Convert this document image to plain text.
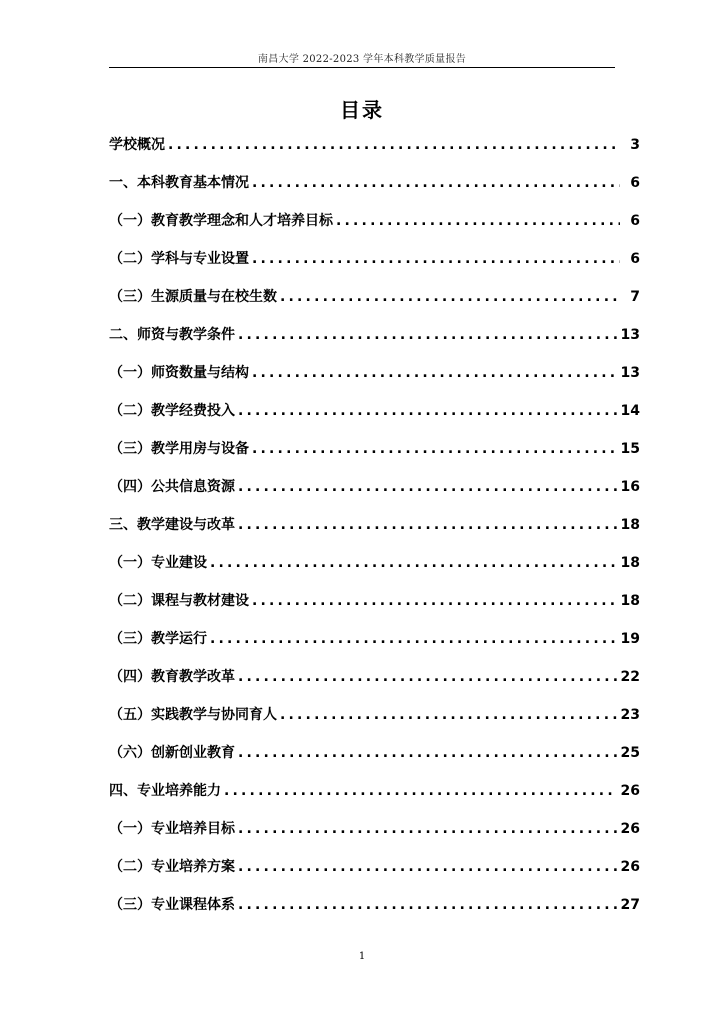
南昌大学 2022-2023 学年本科教学质量报告
目录
学校概况 .....	3
一、本科教育基本情况 .....	6
（一）教育教学理念和人才培养目标 .....	6
（二）学科与专业设置 .....	6
（三）生源质量与在校生数 .....	7
二、师资与教学条件 .....	13
（一）师资数量与结构 .....	13
（二）教学经费投入 .....	14
（三）教学用房与设备 .....	15
（四）公共信息资源 .....	16
三、教学建设与改革 .....	18
（一）专业建设 .....	18
（二）课程与教材建设 .....	18
（三）教学运行 .....	19
（四）教育教学改革 .....	22
（五）实践教学与协同育人 .....	23
（六）创新创业教育 .....	25
四、专业培养能力 .....	26
（一）专业培养目标 .....	26
（二）专业培养方案 .....	26
（三）专业课程体系 .....	27
1
